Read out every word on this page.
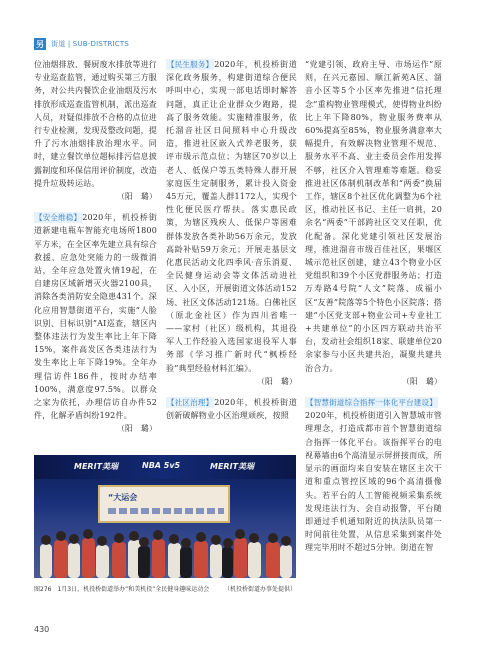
另 街道 | SUB-DISTRICTS

位油烟排放、餐厨废水排放等进行专业巡查监管，通过购买第三方服务，对公共内餐饮企业油烟及污水排放形成巡查监管机制，派出巡查人员，对疑似排放不合格的点位进行专业检测，发现及整改问题，提升了污水油烟排放治理水平。同时，建立餐饮单位超标排污信息披露制度和环保信用评价制度，改造提升垃圾转运站。

（阳　璐）

【安全维稳】2020年，机投桥街道新建电瓶车智能充电场所1800平方米，在全区率先建立具有综合救援、应急处突能力的一级微消站，全年应急处置火情19起，在自建房区域新增灭火器2100具，消除各类消防安全隐患431个。深化应用智慧街道平台，实施“人脸识别、目标识别”AI巡查，辖区内整体违法行为发生率比上年下降15%，案件高发区各类违法行为发生率比上年下降19%。全年办理信访件186件，按时办结率100%，满意度97.5%。以群众之家为依托，办理信访自办件52件，化解矛盾纠纷192件。

（阳　璐）

【民生服务】2020年，机投桥街道深化政务服务，构建街道综合便民呼叫中心，实现一部电话即时解答问题，真正让企业群众少跑路，提高了服务效能。实施精准服务，依托溜音社区日间照料中心升级改造，推进社区嵌入式养老服务，获评市级示范点位；为辖区70岁以上老人、低保户等五类特殊人群开展家庭医生定制服务，累计投入资金45万元，覆盖人群1172人，实现个性化便民医疗帮扶。落实惠民政策，为辖区残疾人、低保户等困难群体发放各类补助56万余元，发放高龄补贴59万余元；开展走基层文化惠民活动文化四季风·音乐消夏、全民健身运动会等文体活动进社区、入小区，开展街道文体活动152场、社区文体活动121场。白佛社区（原北金社区）作为四川省唯一——家村（社区）级机构，其退役军人工作经验入选国家退役军人事务部《学习推广新时代“枫桥经验”典型经验材料汇编》。

（阳　璐）

【社区治理】2020年，机投桥街道创新破解物业小区治理顽疾，按照

“党建引领、政府主导、市场运作”原则，在兴元嘉园、顺江新苑A区、溜音小区等5个小区率先推进“信托理念”重构物业管理模式，使得物业纠纷比上年下降80%，物业服务费率从60%提高至85%，物业服务满意率大幅提升，有效解决物业管理不规范、服务水平不高、业主委员会作用发挥不够，社区介入管理难等难题。稳妥推进社区体制机制改革和“两委”换届工作，辖区8个社区优化调整为6个社区，推动社区书记、主任一肩挑，20余名“两委”干部跨社区交叉任职，优化配备。深化党建引领社区发展治理，推进溜音市级百佳社区，果堰区城示范社区创建，建立43个物业小区党组织和39个小区党群服务站；打造万寿路4号院“人文”院落、成福小区“友善”院落等5个特色小区院落；搭建“小区党支部+物业公司+专业社工+共建单位”的小区四方联动共治平台，发动社会组织18家、联建单位20余家参与小区共建共治，凝聚共建共治合力。

（阳　璐）

【智慧街道综合指挥一体化平台建设】2020年，机投桥街道引入智慧城市管理理念，打造成都市首个智慧街道综合指挥一体化平台。该指挥平台的电视幕墙由6个高清显示屏拼接而成，所显示的画面均来自安装在辖区主次干道和重点管控区域的96个高清摄像头。若平台的人工智能视频采集系统发现违法行为、会自动报警，平台随即通过手机通知附近的执法队员第一时间前往处置，从信息采集到案件处理完毕用时不超过5分钟。街道在智

MERIT美瑞	NBA 5v5	MERIT美瑞
“大运会
图276　1月3日，机投桥街道举办“和美机投”全民健身趣味运动会 （机投桥街道办事处提供）
430
